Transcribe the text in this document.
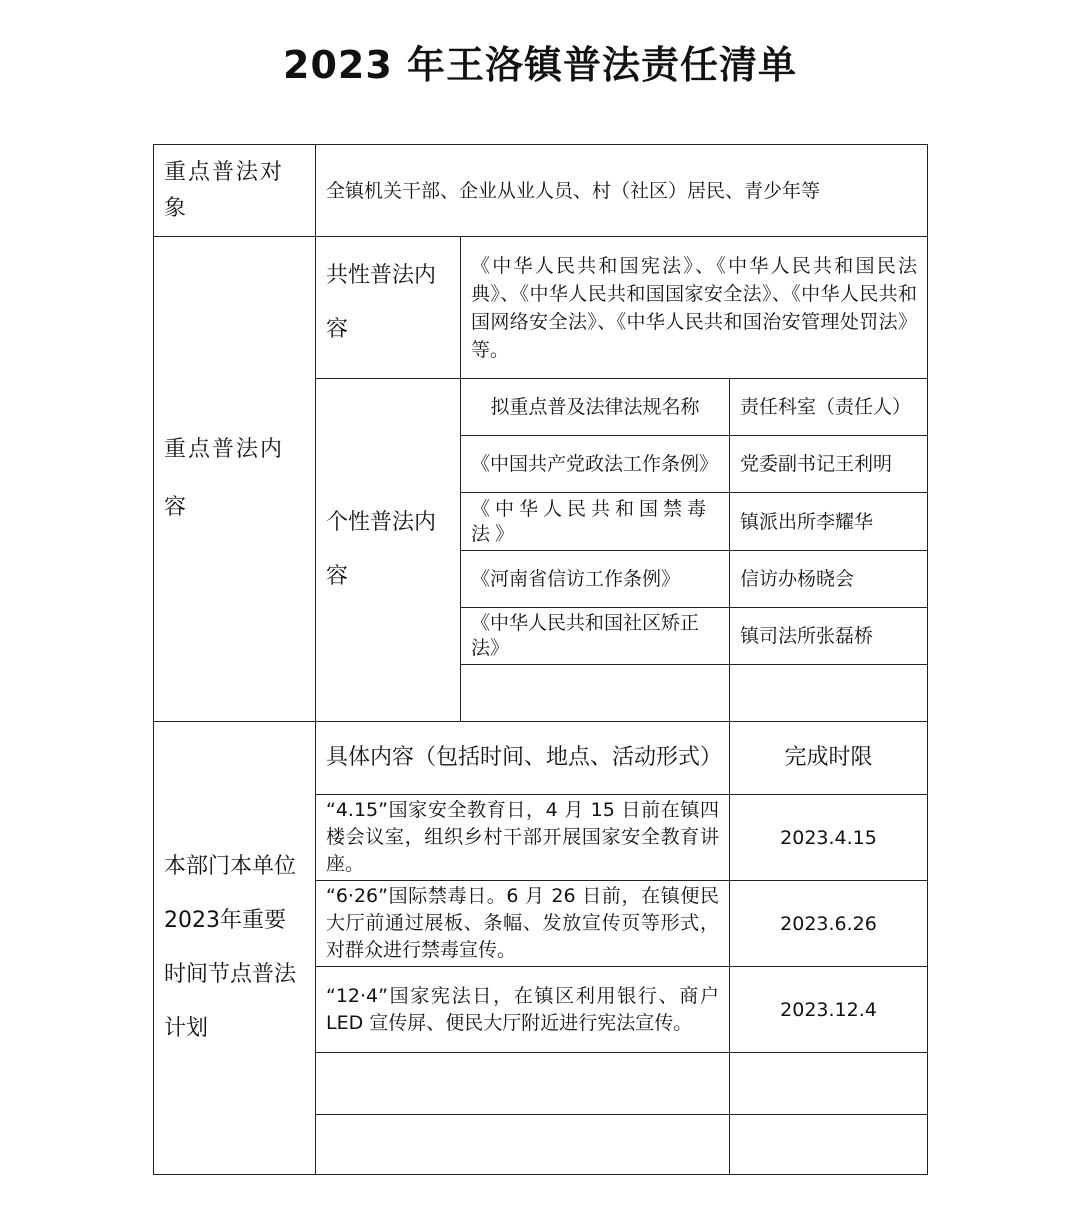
2023 年王洛镇普法责任清单
重点普法对象	全镇机关干部、企业从业人员、村（社区）居民、青少年等		
重点普法内容	共性普法内容	《中华人民共和国宪法》、《中华人民共和国民法典》、《中华人民共和国国家安全法》、《中华人民共和国网络安全法》、《中华人民共和国治安管理处罚法》等。	
	个性普法内容	拟重点普及法律法规名称	责任科室（责任人）
		《中国共产党政法工作条例》	党委副书记王利明
		《中华人民共和国禁毒法》	镇派出所李耀华
		《河南省信访工作条例》	信访办杨晓会
		《中华人民共和国社区矫正法》	镇司法所张磊桥

本部门本单位2023年重要时间节点普法计划	具体内容（包括时间、地点、活动形式）		完成时限
	“4.15”国家安全教育日，4 月 15 日前在镇四楼会议室，组织乡村干部开展国家安全教育讲座。		2023.4.15
	“6·26”国际禁毒日。6 月 26 日前，在镇便民大厅前通过展板、条幅、发放宣传页等形式，对群众进行禁毒宣传。		2023.6.26
	“12·4”国家宪法日，在镇区利用银行、商户 LED 宣传屏、便民大厅附近进行宪法宣传。		2023.12.4
